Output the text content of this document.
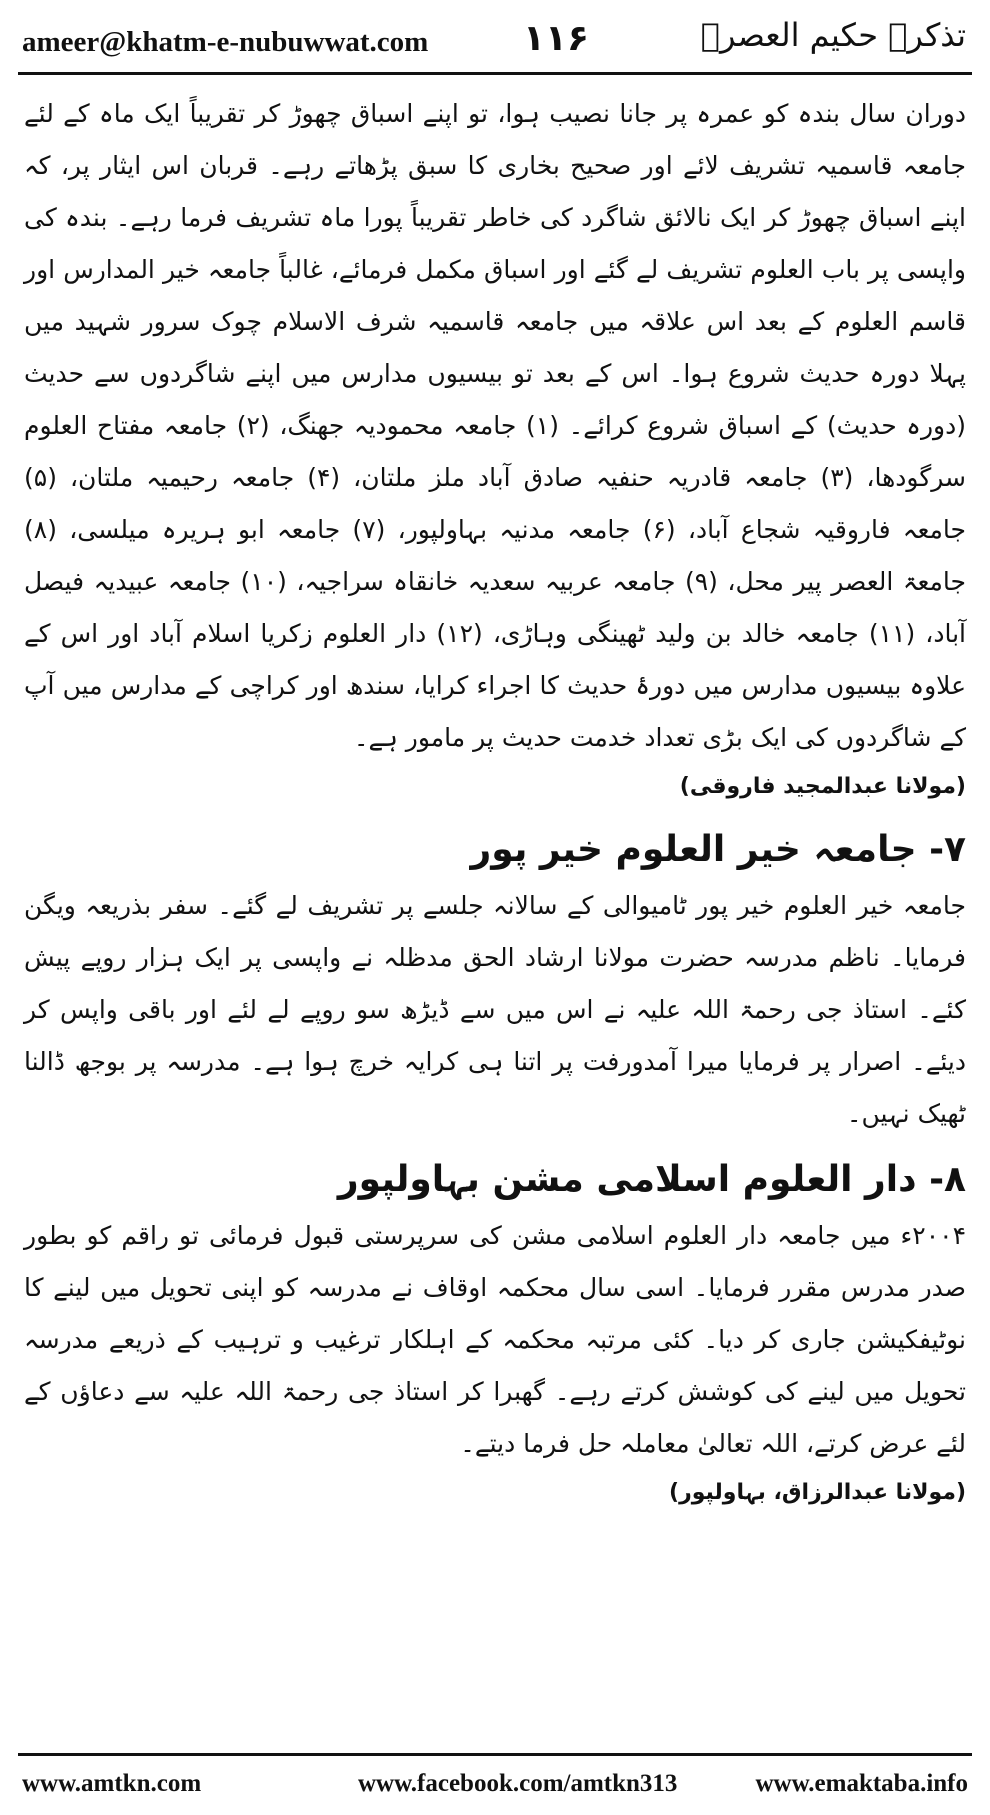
ameer@khatm-e-nubuwwat.com	۱۱۶	تذکرہ حکیم العصرؒ

دوران سال بندہ کو عمرہ پر جانا نصیب ہوا، تو اپنے اسباق چھوڑ کر تقریباً ایک ماہ کے لئے جامعہ قاسمیہ تشریف لائے اور صحیح بخاری کا سبق پڑھاتے رہے۔ قربان اس ایثار پر، کہ اپنے اسباق چھوڑ کر ایک نالائق شاگرد کی خاطر تقریباً پورا ماہ تشریف فرما رہے۔ بندہ کی واپسی پر باب العلوم تشریف لے گئے اور اسباق مکمل فرمائے، غالباً جامعہ خیر المدارس اور قاسم العلوم کے بعد اس علاقہ میں جامعہ قاسمیہ شرف الاسلام چوک سرور شہید میں پہلا دورہ حدیث شروع ہوا۔ اس کے بعد تو بیسیوں مدارس میں اپنے شاگردوں سے حدیث (دورہ حدیث) کے اسباق شروع کرائے۔ (۱) جامعہ محمودیہ جھنگ، (۲) جامعہ مفتاح العلوم سرگودھا، (۳) جامعہ قادریہ حنفیہ صادق آباد ملز ملتان، (۴) جامعہ رحیمیہ ملتان، (۵) جامعہ فاروقیہ شجاع آباد، (۶) جامعہ مدنیہ بہاولپور، (۷) جامعہ ابو ہریرہ میلسی، (۸) جامعۃ العصر پیر محل، (۹) جامعہ عربیہ سعدیہ خانقاہ سراجیہ، (۱۰) جامعہ عبیدیہ فیصل آباد، (۱۱) جامعہ خالد بن ولید ٹھینگی وہاڑی، (۱۲) دار العلوم زکریا اسلام آباد اور اس کے علاوہ بیسیوں مدارس میں دورۂ حدیث کا اجراء کرایا، سندھ اور کراچی کے مدارس میں آپ کے شاگردوں کی ایک بڑی تعداد خدمت حدیث پر مامور ہے۔

(مولانا عبدالمجید فاروقی)

۷- جامعہ خیر العلوم خیر پور

جامعہ خیر العلوم خیر پور ٹامیوالی کے سالانہ جلسے پر تشریف لے گئے۔ سفر بذریعہ ویگن فرمایا۔ ناظم مدرسہ حضرت مولانا ارشاد الحق مدظلہ نے واپسی پر ایک ہزار روپے پیش کئے۔ استاذ جی رحمۃ اللہ علیہ نے اس میں سے ڈیڑھ سو روپے لے لئے اور باقی واپس کر دیئے۔ اصرار پر فرمایا میرا آمدورفت پر اتنا ہی کرایہ خرچ ہوا ہے۔ مدرسہ پر بوجھ ڈالنا ٹھیک نہیں۔

۸- دار العلوم اسلامی مشن بہاولپور

۲۰۰۴ء میں جامعہ دار العلوم اسلامی مشن کی سرپرستی قبول فرمائی تو راقم کو بطور صدر مدرس مقرر فرمایا۔ اسی سال محکمہ اوقاف نے مدرسہ کو اپنی تحویل میں لینے کا نوٹیفکیشن جاری کر دیا۔ کئی مرتبہ محکمہ کے اہلکار ترغیب و ترہیب کے ذریعے مدرسہ تحویل میں لینے کی کوشش کرتے رہے۔ گھبرا کر استاذ جی رحمۃ اللہ علیہ سے دعاؤں کے لئے عرض کرتے، اللہ تعالیٰ معاملہ حل فرما دیتے۔

(مولانا عبدالرزاق، بہاولپور)

www.amtkn.com	www.facebook.com/amtkn313	www.emaktaba.info
